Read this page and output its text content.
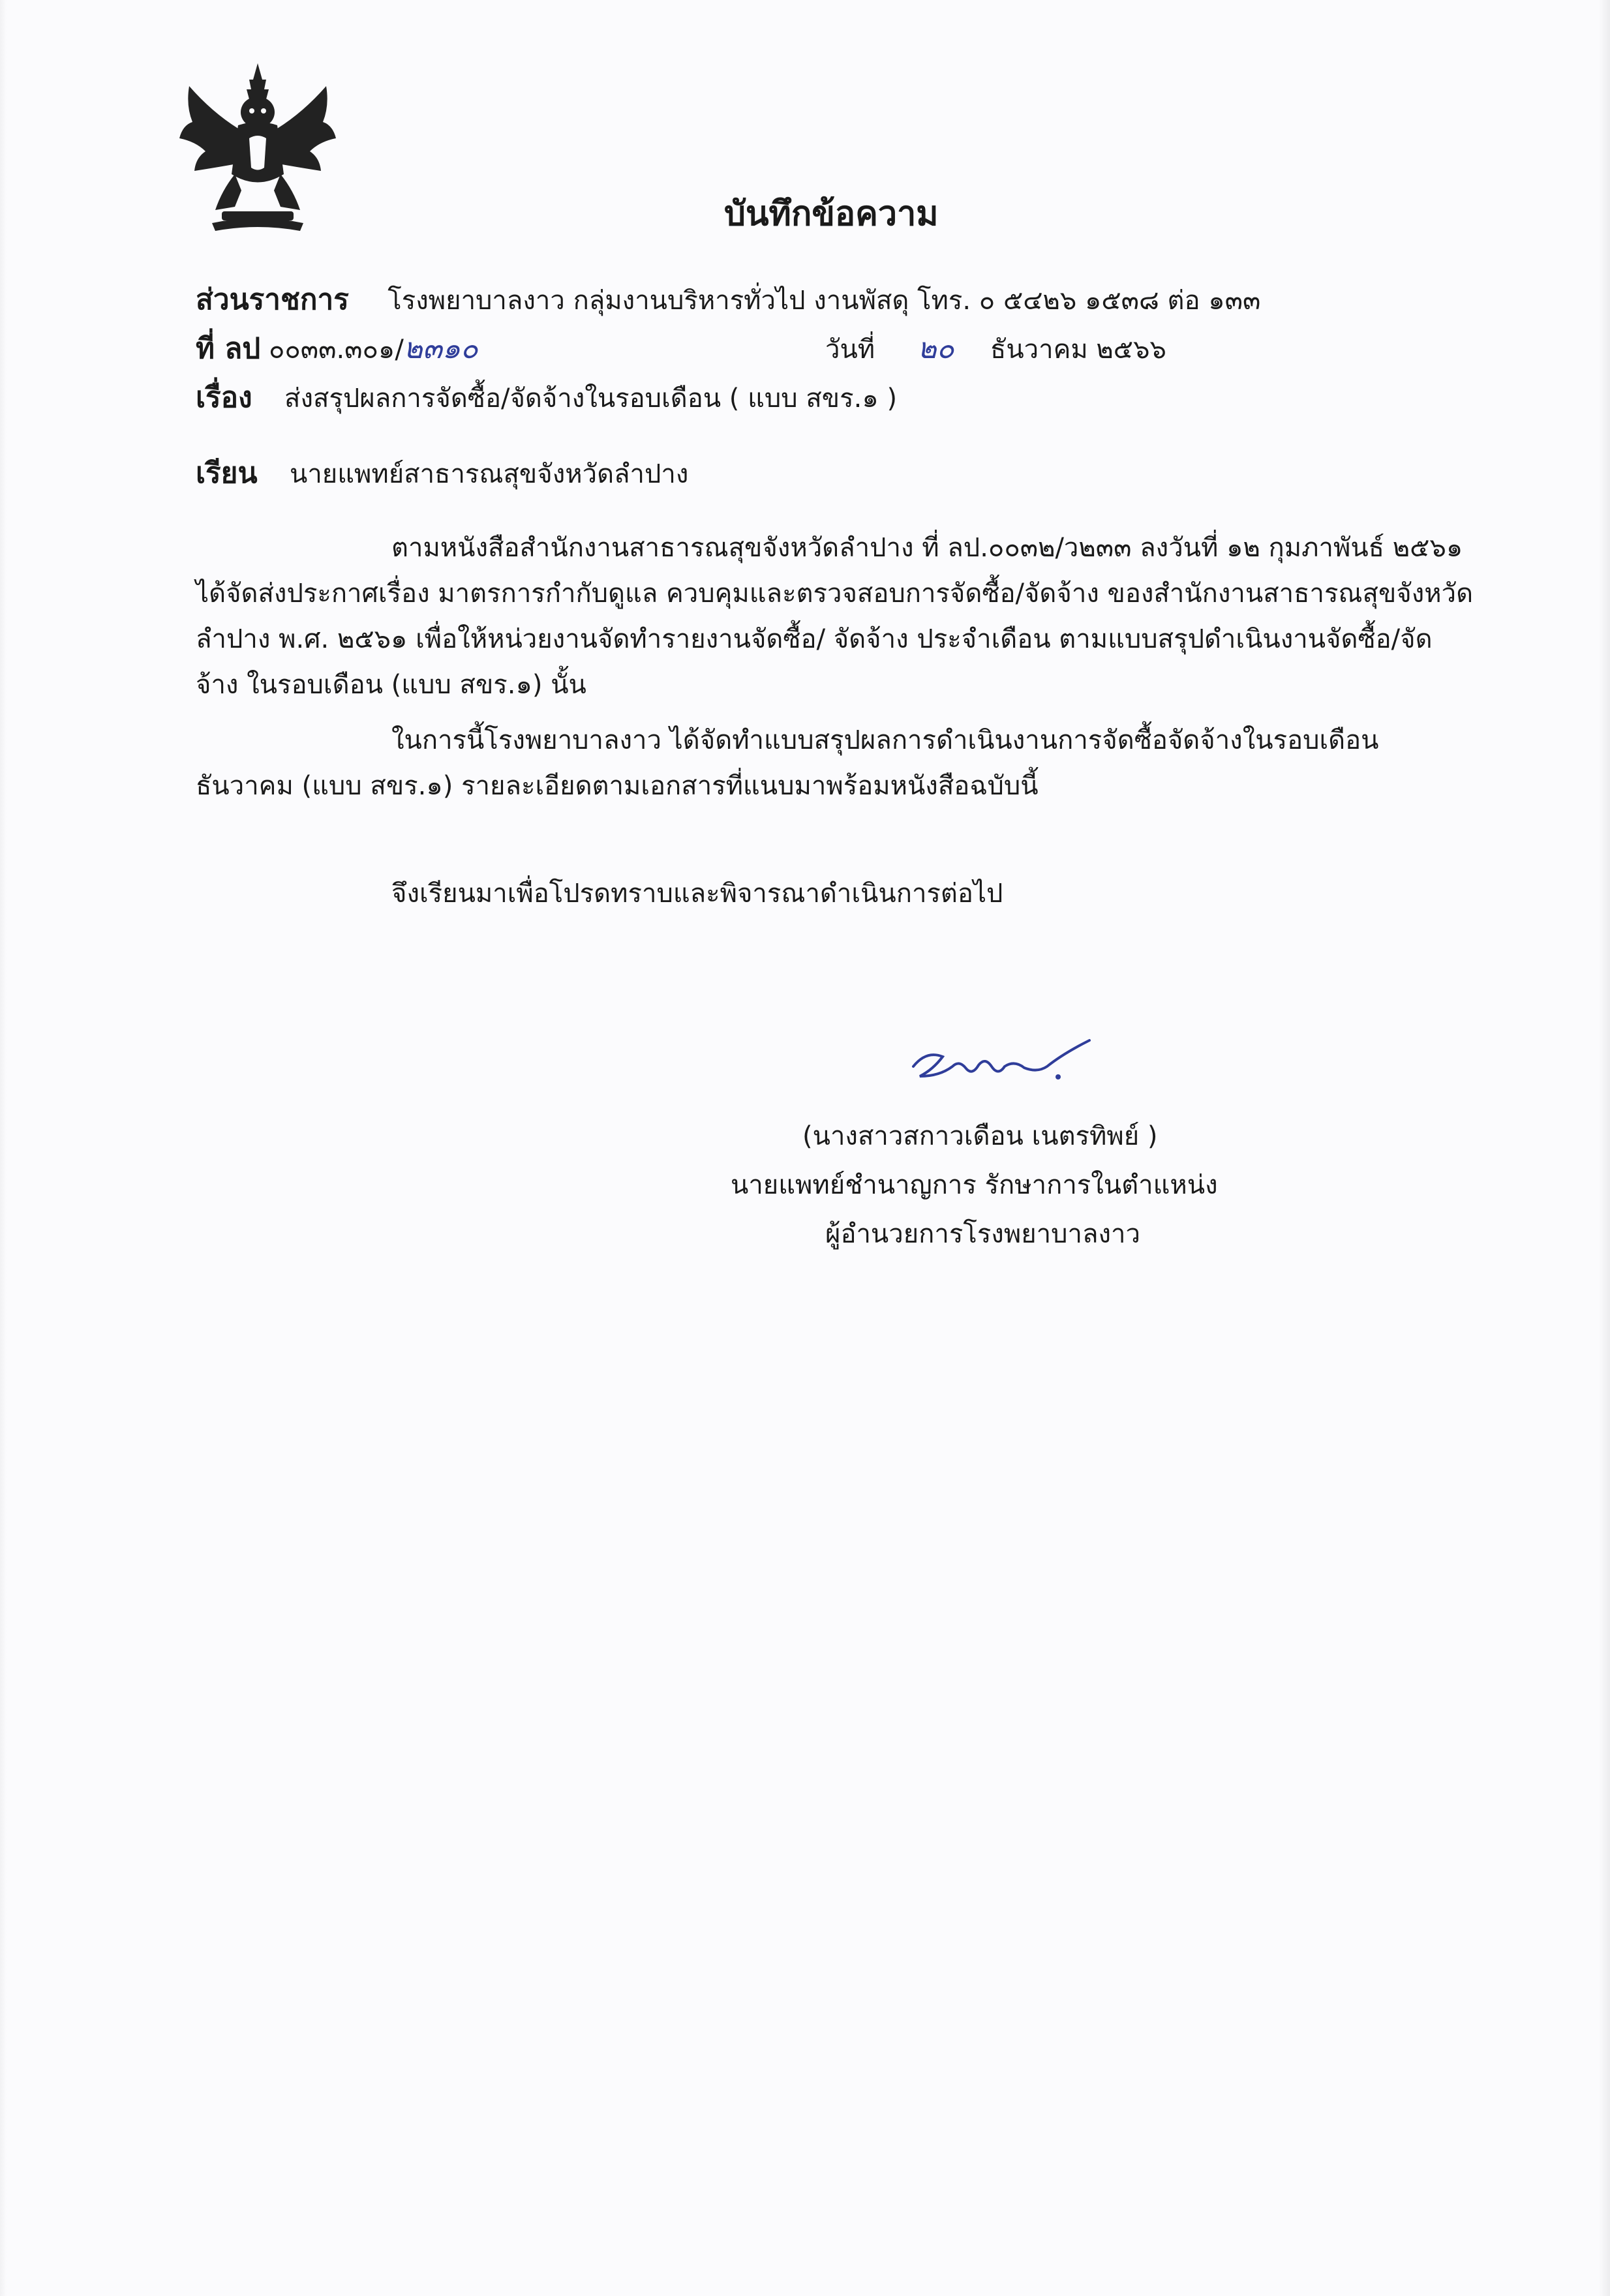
บันทึกข้อความ
ส่วนราชการ โรงพยาบาลงาว กลุ่มงานบริหารทั่วไป งานพัสดุ โทร. ๐ ๕๔๒๖ ๑๕๓๘ ต่อ ๑๓๓
ที่ ลป ๐๐๓๓.๓๐๑/๒๓๑๐	วันที่ ๒๐ ธันวาคม ๒๕๖๖
เรื่อง ส่งสรุปผลการจัดซื้อ/จัดจ้างในรอบเดือน ( แบบ สขร.๑ )
เรียน นายแพทย์สาธารณสุขจังหวัดลำปาง
ตามหนังสือสำนักงานสาธารณสุขจังหวัดลำปาง ที่ ลป.๐๐๓๒/ว๒๓๓ ลงวันที่ ๑๒ กุมภาพันธ์ ๒๕๖๑ ได้จัดส่งประกาศเรื่อง มาตรการกำกับดูแล ควบคุมและตรวจสอบการจัดซื้อ/จัดจ้าง ของสำนักงานสาธารณสุขจังหวัดลำปาง พ.ศ. ๒๕๖๑ เพื่อให้หน่วยงานจัดทำรายงานจัดซื้อ/ จัดจ้าง ประจำเดือน ตามแบบสรุปดำเนินงานจัดซื้อ/จัดจ้าง ในรอบเดือน (แบบ สขร.๑) นั้น
ในการนี้โรงพยาบาลงาว ได้จัดทำแบบสรุปผลการดำเนินงานการจัดซื้อจัดจ้างในรอบเดือน ธันวาคม (แบบ สขร.๑) รายละเอียดตามเอกสารที่แนบมาพร้อมหนังสือฉบับนี้
จึงเรียนมาเพื่อโปรดทราบและพิจารณาดำเนินการต่อไป
(นางสาวสกาวเดือน เนตรทิพย์ )
นายแพทย์ชำนาญการ รักษาการในตำแหน่ง
ผู้อำนวยการโรงพยาบาลงาว
